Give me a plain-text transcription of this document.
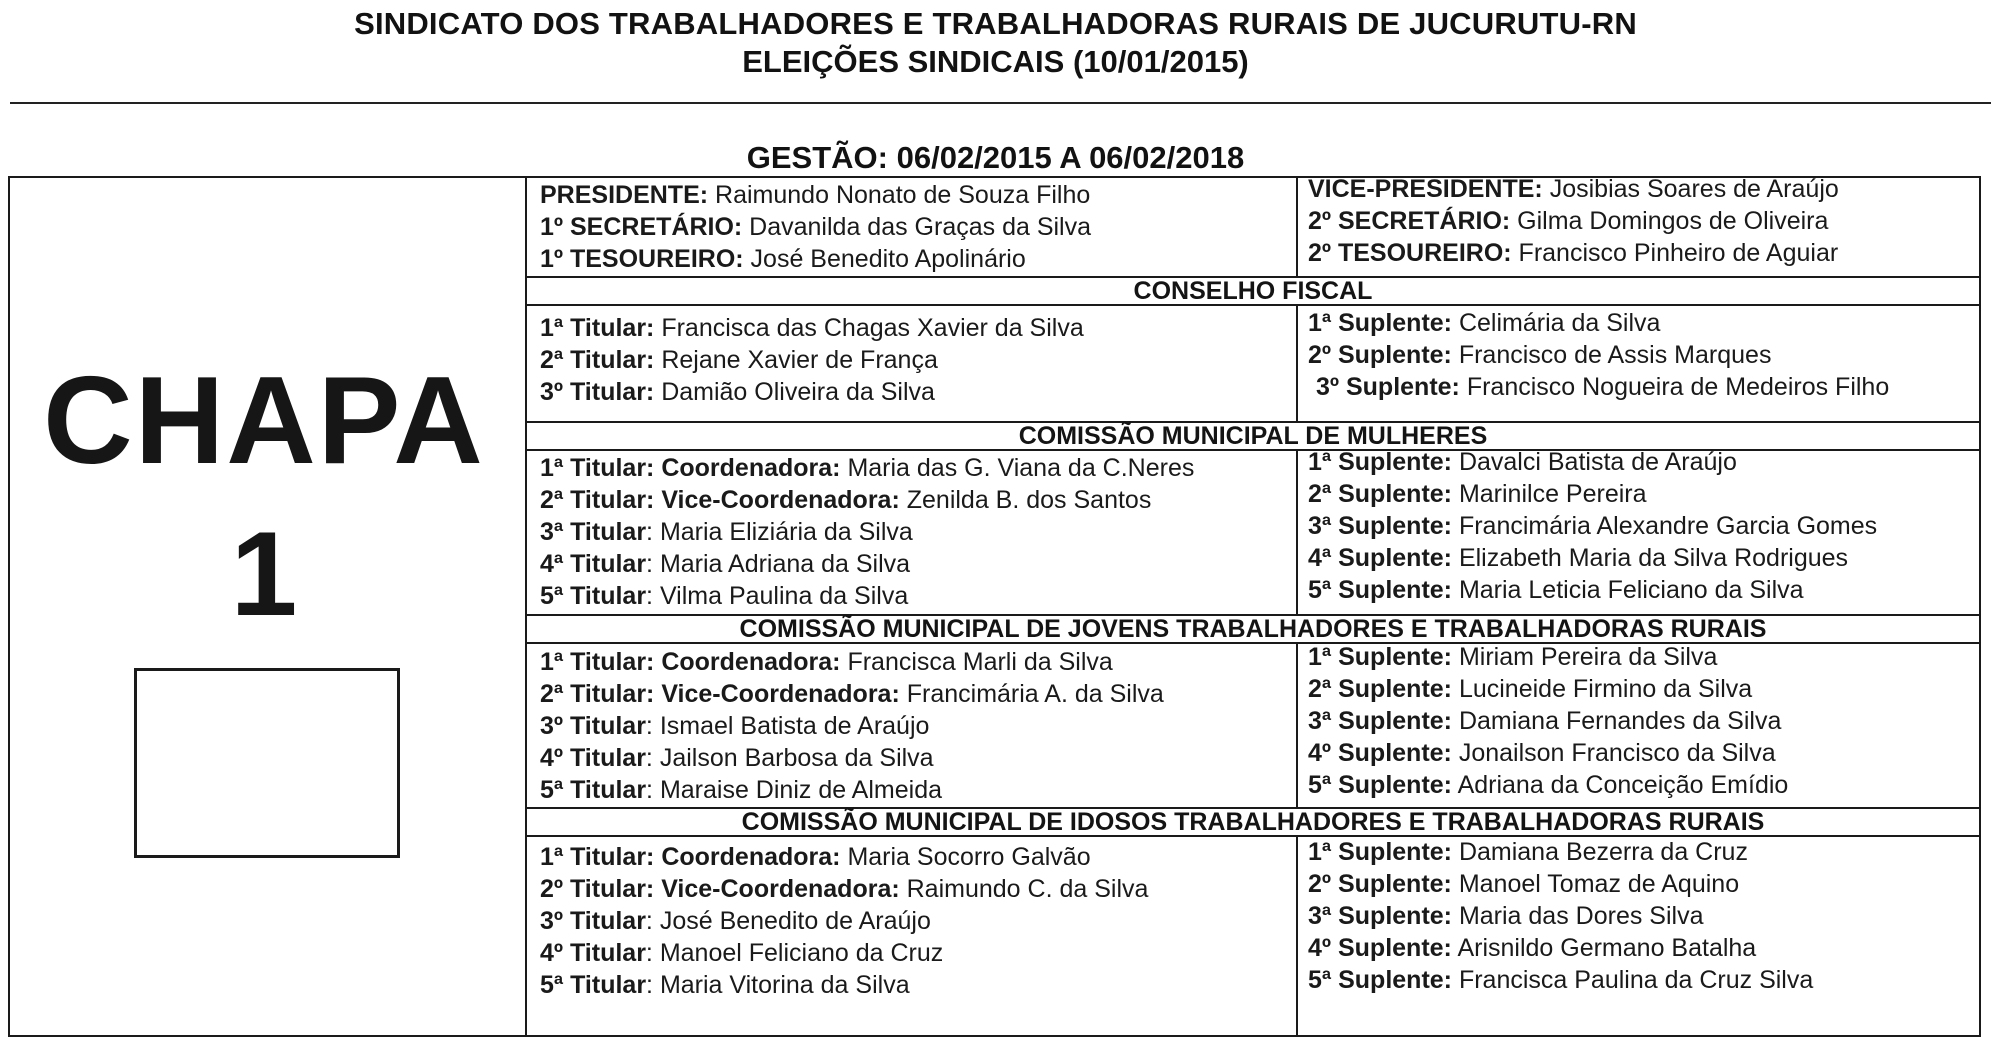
SINDICATO DOS TRABALHADORES E TRABALHADORAS RURAIS DE JUCURUTU-RN
ELEIÇÕES SINDICAIS (10/01/2015)
GESTÃO: 06/02/2015 A 06/02/2018
CHAPA
1
CONSELHO FISCAL
COMISSÃO MUNICIPAL DE MULHERES
COMISSÃO MUNICIPAL DE JOVENS TRABALHADORES E TRABALHADORAS RURAIS
COMISSÃO MUNICIPAL DE IDOSOS TRABALHADORES E TRABALHADORAS RURAIS
PRESIDENTE: Raimundo Nonato de Souza Filho
1º SECRETÁRIO: Davanilda das Graças da Silva
1º TESOUREIRO: José Benedito Apolinário
VICE-PRESIDENTE: Josibias Soares de Araújo
2º SECRETÁRIO: Gilma Domingos de Oliveira
2º TESOUREIRO: Francisco Pinheiro de Aguiar
1ª Titular: Francisca das Chagas Xavier da Silva
2ª Titular: Rejane Xavier de França
3º Titular: Damião Oliveira da Silva
1ª Suplente: Celimária da Silva
2º Suplente: Francisco de Assis Marques
3º Suplente: Francisco Nogueira de Medeiros Filho
1ª Titular: Coordenadora: Maria das G. Viana da C.Neres
2ª Titular: Vice-Coordenadora: Zenilda B. dos Santos
3ª Titular: Maria Eliziária da Silva
4ª Titular: Maria Adriana da Silva
5ª Titular: Vilma Paulina da Silva
1ª Suplente: Davalci Batista de Araújo
2ª Suplente: Marinilce Pereira
3ª Suplente: Francimária Alexandre Garcia Gomes
4ª Suplente: Elizabeth Maria da Silva Rodrigues
5ª Suplente: Maria Leticia Feliciano da Silva
1ª Titular: Coordenadora: Francisca Marli da Silva
2ª Titular: Vice-Coordenadora: Francimária A. da Silva
3º Titular: Ismael Batista de Araújo
4º Titular: Jailson Barbosa da Silva
5ª Titular: Maraise Diniz de Almeida
1ª Suplente: Miriam Pereira da Silva
2ª Suplente: Lucineide Firmino da Silva
3ª Suplente: Damiana Fernandes da Silva
4º Suplente: Jonailson Francisco da Silva
5ª Suplente: Adriana da Conceição Emídio
1ª Titular: Coordenadora: Maria Socorro Galvão
2º Titular: Vice-Coordenadora: Raimundo C. da Silva
3º Titular: José Benedito de Araújo
4º Titular: Manoel Feliciano da Cruz
5ª Titular: Maria Vitorina da Silva
1ª Suplente: Damiana Bezerra da Cruz
2º Suplente: Manoel Tomaz de Aquino
3ª Suplente: Maria das Dores Silva
4º Suplente: Arisnildo Germano Batalha
5ª Suplente: Francisca Paulina da Cruz Silva
